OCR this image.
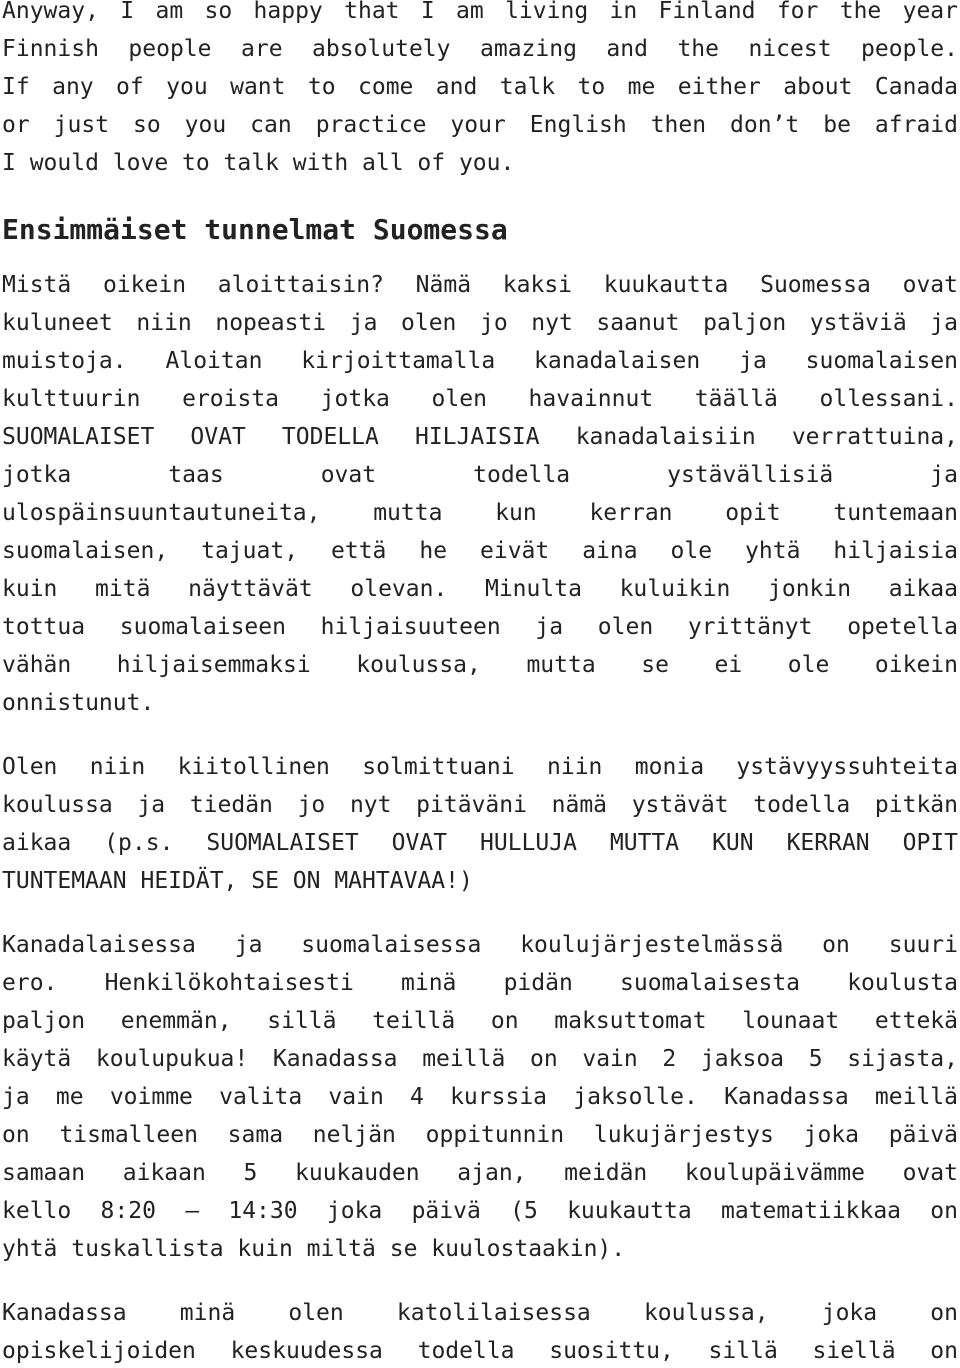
Anyway, I am so happy that I am living in Finland for the year
Finnish people are absolutely amazing and the nicest people.
If any of you want to come and talk to me either about Canada
or just so you can practice your English then don’t be afraid
I would love to talk with all of you.
Ensimmäiset tunnelmat Suomessa
Mistä oikein aloittaisin? Nämä kaksi kuukautta Suomessa ovat
kuluneet niin nopeasti ja olen jo nyt saanut paljon ystäviä ja
muistoja. Aloitan kirjoittamalla kanadalaisen ja suomalaisen
kulttuurin eroista jotka olen havainnut täällä ollessani.
SUOMALAISET OVAT TODELLA HILJAISIA kanadalaisiin verrattuina,
jotka taas ovat todella ystävällisiä ja
ulospäinsuuntautuneita, mutta kun kerran opit tuntemaan
suomalaisen, tajuat, että he eivät aina ole yhtä hiljaisia
kuin mitä näyttävät olevan. Minulta kuluikin jonkin aikaa
tottua suomalaiseen hiljaisuuteen ja olen yrittänyt opetella
vähän hiljaisemmaksi koulussa, mutta se ei ole oikein
onnistunut.
Olen niin kiitollinen solmittuani niin monia ystävyyssuhteita
koulussa ja tiedän jo nyt pitäväni nämä ystävät todella pitkän
aikaa (p.s. SUOMALAISET OVAT HULLUJA MUTTA KUN KERRAN OPIT
TUNTEMAAN HEIDÄT, SE ON MAHTAVAA!)
Kanadalaisessa ja suomalaisessa koulujärjestelmässä on suuri
ero. Henkilökohtaisesti minä pidän suomalaisesta koulusta
paljon enemmän, sillä teillä on maksuttomat lounaat ettekä
käytä koulupukua! Kanadassa meillä on vain 2 jaksoa 5 sijasta,
ja me voimme valita vain 4 kurssia jaksolle. Kanadassa meillä
on tismalleen sama neljän oppitunnin lukujärjestys joka päivä
samaan aikaan 5 kuukauden ajan, meidän koulupäivämme ovat
kello 8:20 – 14:30 joka päivä (5 kuukautta matematiikkaa on
yhtä tuskallista kuin miltä se kuulostaakin).
Kanadassa minä olen katolilaisessa koulussa, joka on
opiskelijoiden keskuudessa todella suosittu, sillä siellä on
